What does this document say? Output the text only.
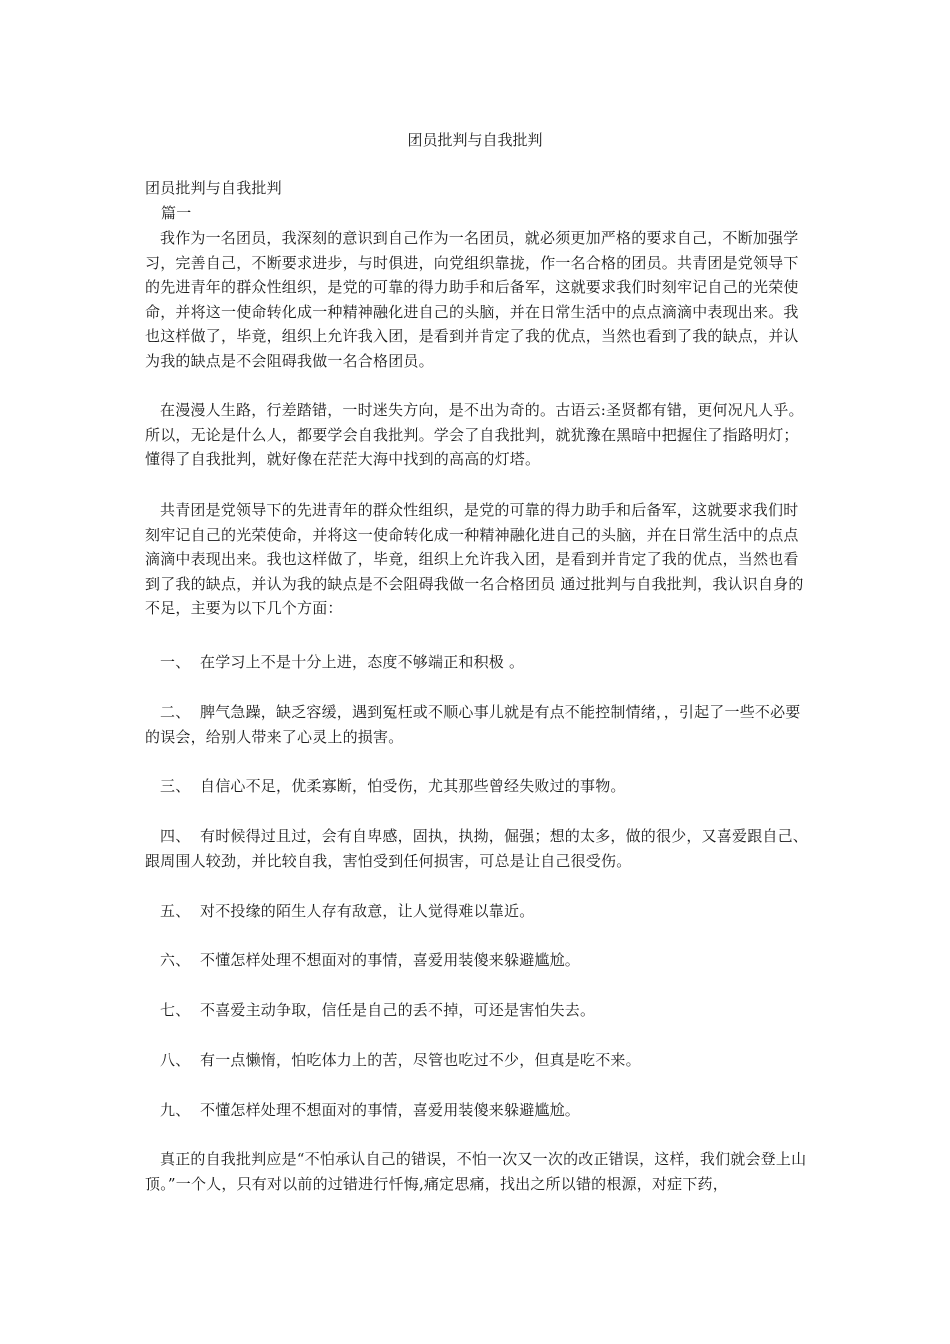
团员批判与自我批判
团员批判与自我批判
篇一
我作为一名团员，我深刻的意识到自己作为一名团员，就必须更加严格的要求自己，不断加强学习，完善自己，不断要求进步，与时俱进，向党组织靠拢，作一名合格的团员。共青团是党领导下的先进青年的群众性组织，是党的可靠的得力助手和后备军，这就要求我们时刻牢记自己的光荣使命，并将这一使命转化成一种精神融化进自己的头脑，并在日常生活中的点点滴滴中表现出来。我也这样做了，毕竟，组织上允许我入团，是看到并肯定了我的优点，当然也看到了我的缺点，并认为我的缺点是不会阻碍我做一名合格团员。
在漫漫人生路，行差踏错，一时迷失方向，是不出为奇的。古语云:圣贤都有错，更何况凡人乎。所以，无论是什么人，都要学会自我批判。学会了自我批判，就犹豫在黑暗中把握住了指路明灯；懂得了自我批判，就好像在茫茫大海中找到的高高的灯塔。
共青团是党领导下的先进青年的群众性组织，是党的可靠的得力助手和后备军，这就要求我们时刻牢记自己的光荣使命，并将这一使命转化成一种精神融化进自己的头脑，并在日常生活中的点点滴滴中表现出来。我也这样做了，毕竟，组织上允许我入团，是看到并肯定了我的优点，当然也看到了我的缺点，并认为我的缺点是不会阻碍我做一名合格团员 通过批判与自我批判，我认识自身的不足，主要为以下几个方面：
一、 在学习上不是十分上进，态度不够端正和积极 。
二、 脾气急躁，缺乏容缓，遇到冤枉或不顺心事儿就是有点不能控制情绪，，引起了一些不必要的误会，给别人带来了心灵上的损害。
三、 自信心不足，优柔寡断，怕受伤，尤其那些曾经失败过的事物。
四、 有时候得过且过，会有自卑感，固执，执拗，倔强；想的太多，做的很少，又喜爱跟自己、跟周围人较劲，并比较自我，害怕受到任何损害，可总是让自己很受伤。
五、 对不投缘的陌生人存有敌意，让人觉得难以靠近。
六、 不懂怎样处理不想面对的事情，喜爱用装傻来躲避尴尬。
七、 不喜爱主动争取，信任是自己的丢不掉，可还是害怕失去。
八、 有一点懒惰，怕吃体力上的苦，尽管也吃过不少，但真是吃不来。
九、 不懂怎样处理不想面对的事情，喜爱用装傻来躲避尴尬。
真正的自我批判应是“不怕承认自己的错误，不怕一次又一次的改正错误，这样，我们就会登上山顶。”一个人，只有对以前的过错进行忏悔,痛定思痛，找出之所以错的根源，对症下药，
